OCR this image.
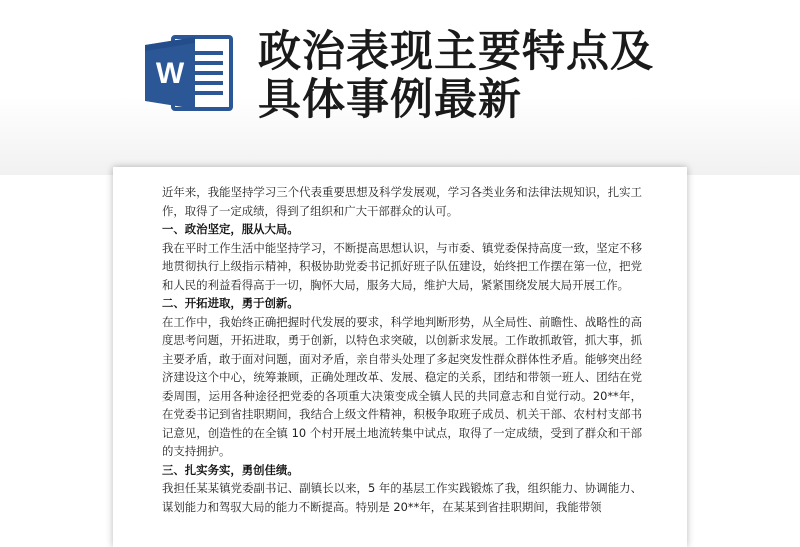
W 政治表现主要特点及
具体事例最新

近年来，我能坚持学习三个代表重要思想及科学发展观，学习各类业务和法律法规知识，扎实工作，取得了一定成绩，得到了组织和广大干部群众的认可。

一、政治坚定，服从大局。

我在平时工作生活中能坚持学习，不断提高思想认识，与市委、镇党委保持高度一致，坚定不移地贯彻执行上级指示精神，积极协助党委书记抓好班子队伍建设，始终把工作摆在第一位，把党和人民的利益看得高于一切，胸怀大局，服务大局，维护大局，紧紧围绕发展大局开展工作。

二、开拓进取，勇于创新。

在工作中，我始终正确把握时代发展的要求，科学地判断形势，从全局性、前瞻性、战略性的高度思考问题，开拓进取，勇于创新，以特色求突破，以创新求发展。工作敢抓敢管，抓大事，抓主要矛盾，敢于面对问题，面对矛盾，亲自带头处理了多起突发性群众群体性矛盾。能够突出经济建设这个中心，统筹兼顾，正确处理改革、发展、稳定的关系，团结和带领一班人、团结在党委周围，运用各种途径把党委的各项重大决策变成全镇人民的共同意志和自觉行动。20**年，在党委书记到省挂职期间，我结合上级文件精神，积极争取班子成员、机关干部、农村村支部书记意见，创造性的在全镇 10 个村开展土地流转集中试点，取得了一定成绩，受到了群众和干部的支持拥护。

三、扎实务实，勇创佳绩。

我担任某某镇党委副书记、副镇长以来，5 年的基层工作实践锻炼了我，组织能力、协调能力、谋划能力和驾驭大局的能力不断提高。特别是 20**年，在某某到省挂职期间，我能带领
